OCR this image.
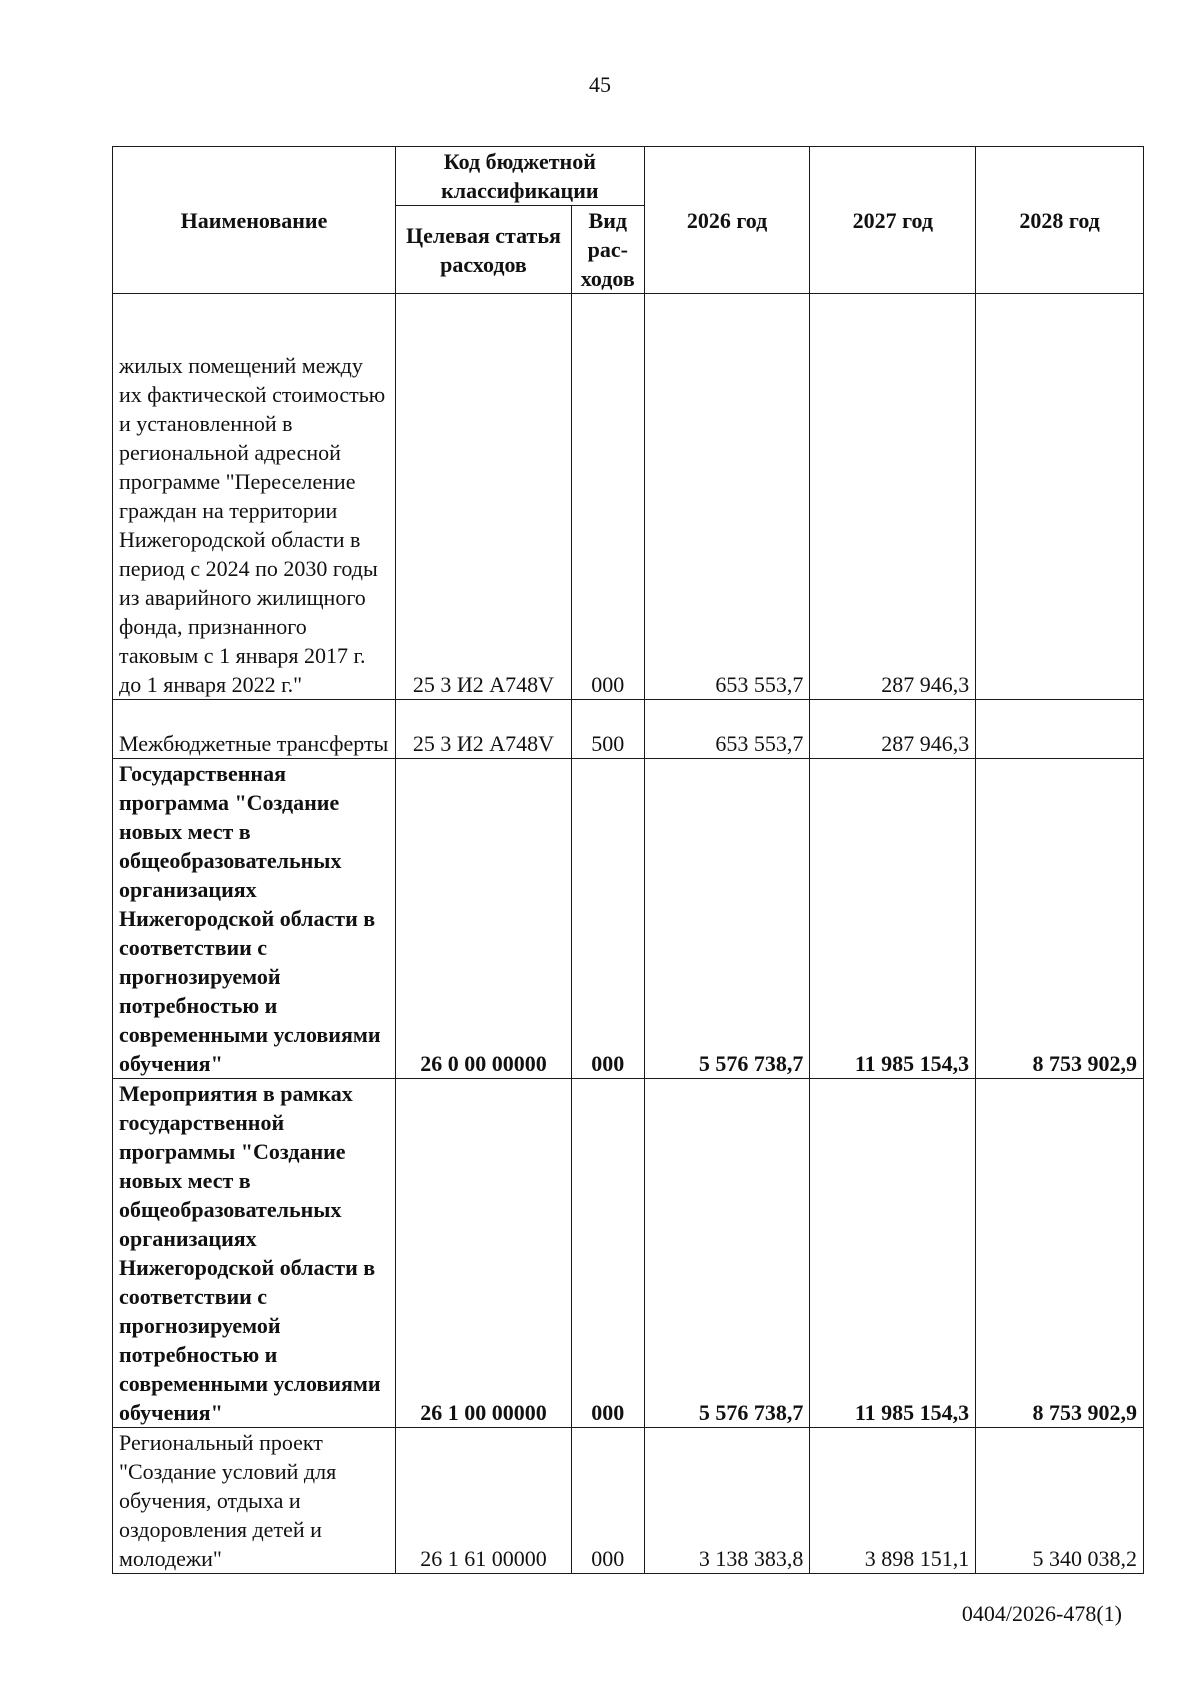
45
Наименование	Код бюджетной классификации		2026 год	2027 год	2028 год
	Целевая статья расходов	Вид рас-ходов			
жилых помещений между их фактической стоимостью и установленной в региональной адресной программе "Переселение граждан на территории Нижегородской области в период с 2024 по 2030 годы из аварийного жилищного фонда, признанного таковым с 1 января 2017 г. до 1 января 2022 г."	25 3 И2 А748V	000	653 553,7	287 946,3	
Межбюджетные трансферты	25 3 И2 А748V	500	653 553,7	287 946,3	
Государственная программа "Создание новых мест в общеобразовательных организациях Нижегородской области в соответствии с прогнозируемой потребностью и современными условиями обучения"	26 0 00 00000	000	5 576 738,7	11 985 154,3	8 753 902,9
Мероприятия в рамках государственной программы "Создание новых мест в общеобразовательных организациях Нижегородской области в соответствии с прогнозируемой потребностью и современными условиями обучения"	26 1 00 00000	000	5 576 738,7	11 985 154,3	8 753 902,9
Региональный проект "Создание условий для обучения, отдыха и оздоровления детей и молодежи"	26 1 61 00000	000	3 138 383,8	3 898 151,1	5 340 038,2
0404/2026-478(1)
